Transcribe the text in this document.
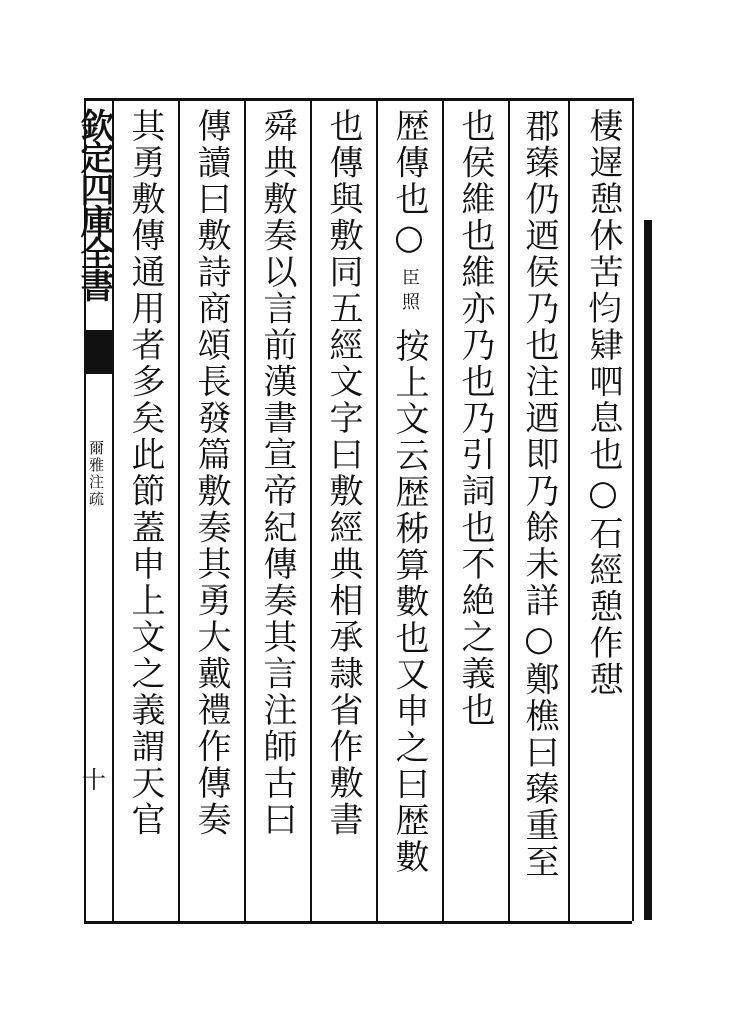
欽定四庫全書
爾雅注疏
十
棲遟憩休苦𢗋肄呬息也○石經憩作憇
郡臻仍迺侯乃也注迺即乃餘未詳○鄭樵曰臻重至
也侯維也維亦乃也乃引詞也不絶之義也
歴傳也○
臣照
按上文云歴秭算數也又申之曰歴數
也傳與敷同五經文字曰敷經典相承隷省作敷書
舜典敷奏以言前漢書宣帝紀傳奏其言注師古曰
傳讀曰敷詩商頌長發篇敷奏其勇大戴禮作傳奏
其勇敷傳通用者多矣此節蓋申上文之義謂天官
